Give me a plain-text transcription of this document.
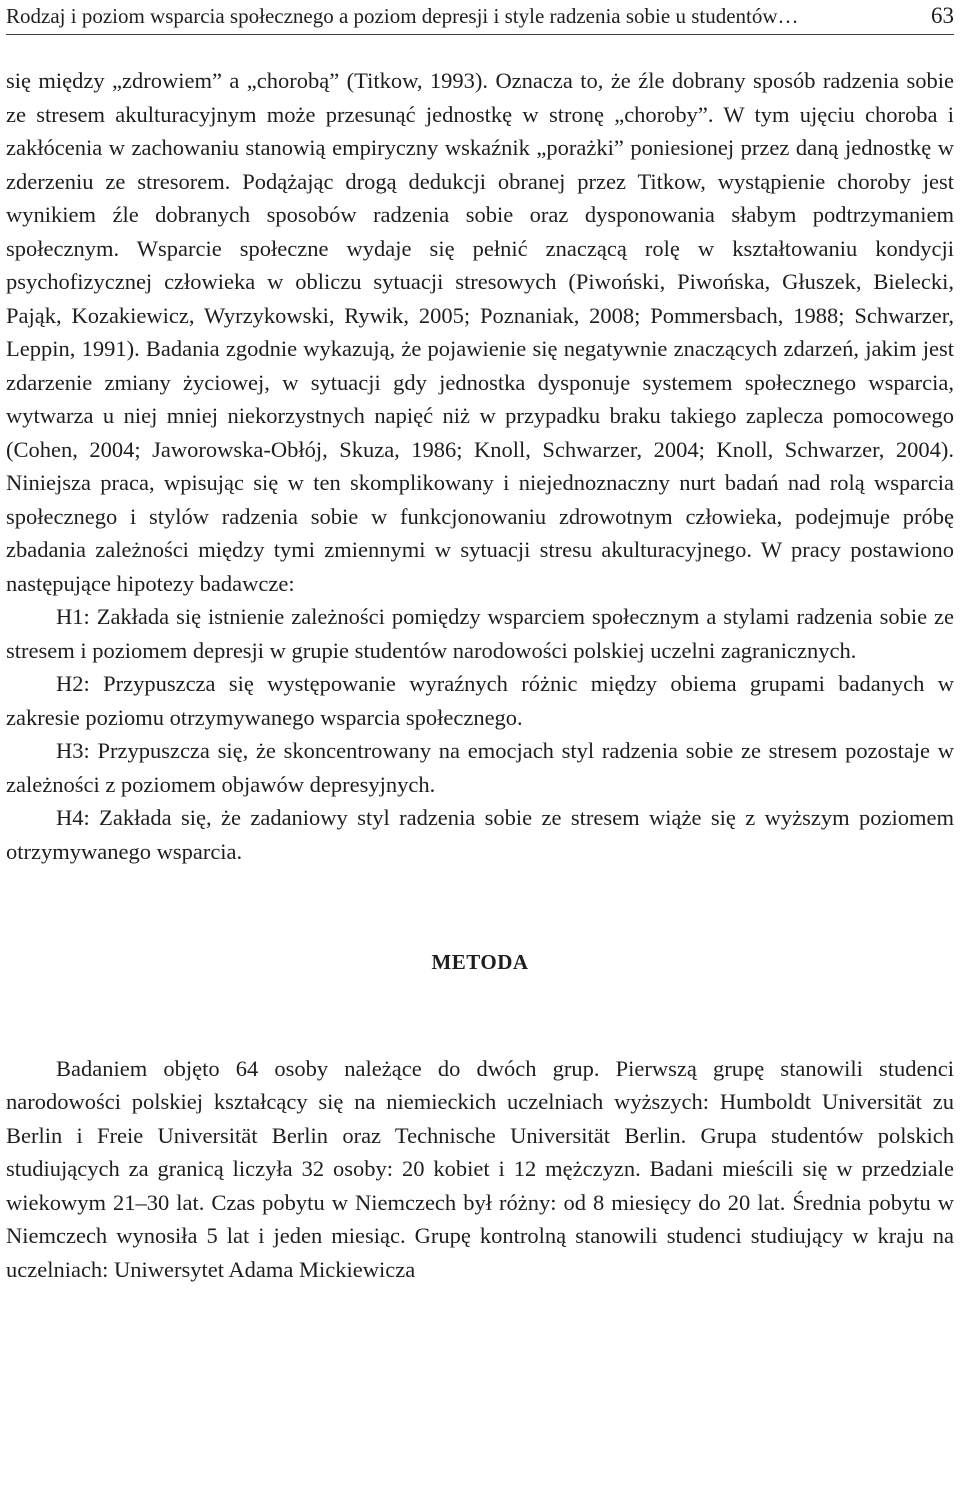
Rodzaj i poziom wsparcia społecznego a poziom depresji i style radzenia sobie u studentów…	63

się między „zdrowiem” a „chorobą” (Titkow, 1993). Oznacza to, że źle dobrany sposób radzenia sobie ze stresem akulturacyjnym może przesunąć jednostkę w stronę „choroby”. W tym ujęciu choroba i zakłócenia w zachowaniu stanowią empiryczny wskaźnik „porażki” poniesionej przez daną jednostkę w zderzeniu ze stresorem. Podążając drogą dedukcji obranej przez Titkow, wystąpienie choroby jest wynikiem źle dobranych sposobów radzenia sobie oraz dysponowania słabym podtrzymaniem społecznym. Wsparcie społeczne wydaje się pełnić znaczącą rolę w kształtowaniu kondycji psychofizycznej człowieka w obliczu sytuacji stresowych (Piwoński, Piwońska, Głuszek, Bielecki, Pająk, Kozakiewicz, Wyrzykowski, Rywik, 2005; Poznaniak, 2008; Pommersbach, 1988; Schwarzer, Leppin, 1991). Badania zgodnie wykazują, że pojawienie się negatywnie znaczących zdarzeń, jakim jest zdarzenie zmiany życiowej, w sytuacji gdy jednostka dysponuje systemem społecznego wsparcia, wytwarza u niej mniej niekorzystnych napięć niż w przypadku braku takiego zaplecza pomocowego (Cohen, 2004; Jaworowska-Obłój, Skuza, 1986; Knoll, Schwarzer, 2004; Knoll, Schwarzer, 2004). Niniejsza praca, wpisując się w ten skomplikowany i niejednoznaczny nurt badań nad rolą wsparcia społecznego i stylów radzenia sobie w funkcjonowaniu zdrowotnym człowieka, podejmuje próbę zbadania zależności między tymi zmiennymi w sytuacji stresu akulturacyjnego. W pracy postawiono następujące hipotezy badawcze:

H1: Zakłada się istnienie zależności pomiędzy wsparciem społecznym a stylami radzenia sobie ze stresem i poziomem depresji w grupie studentów narodowości polskiej uczelni zagranicznych.

H2: Przypuszcza się występowanie wyraźnych różnic między obiema grupami badanych w zakresie poziomu otrzymywanego wsparcia społecznego.

H3: Przypuszcza się, że skoncentrowany na emocjach styl radzenia sobie ze stresem pozostaje w zależności z poziomem objawów depresyjnych.

H4: Zakłada się, że zadaniowy styl radzenia sobie ze stresem wiąże się z wyższym poziomem otrzymywanego wsparcia.

METODA

Badaniem objęto 64 osoby należące do dwóch grup. Pierwszą grupę stanowili studenci narodowości polskiej kształcący się na niemieckich uczelniach wyższych: Humboldt Universität zu Berlin i Freie Universität Berlin oraz Technische Universität Berlin. Grupa studentów polskich studiujących za granicą liczyła 32 osoby: 20 kobiet i 12 mężczyzn. Badani mieścili się w przedziale wiekowym 21–30 lat. Czas pobytu w Niemczech był różny: od 8 miesięcy do 20 lat. Średnia pobytu w Niemczech wynosiła 5 lat i jeden miesiąc. Grupę kontrolną stanowili studenci studiujący w kraju na uczelniach: Uniwersytet Adama Mickiewicza
